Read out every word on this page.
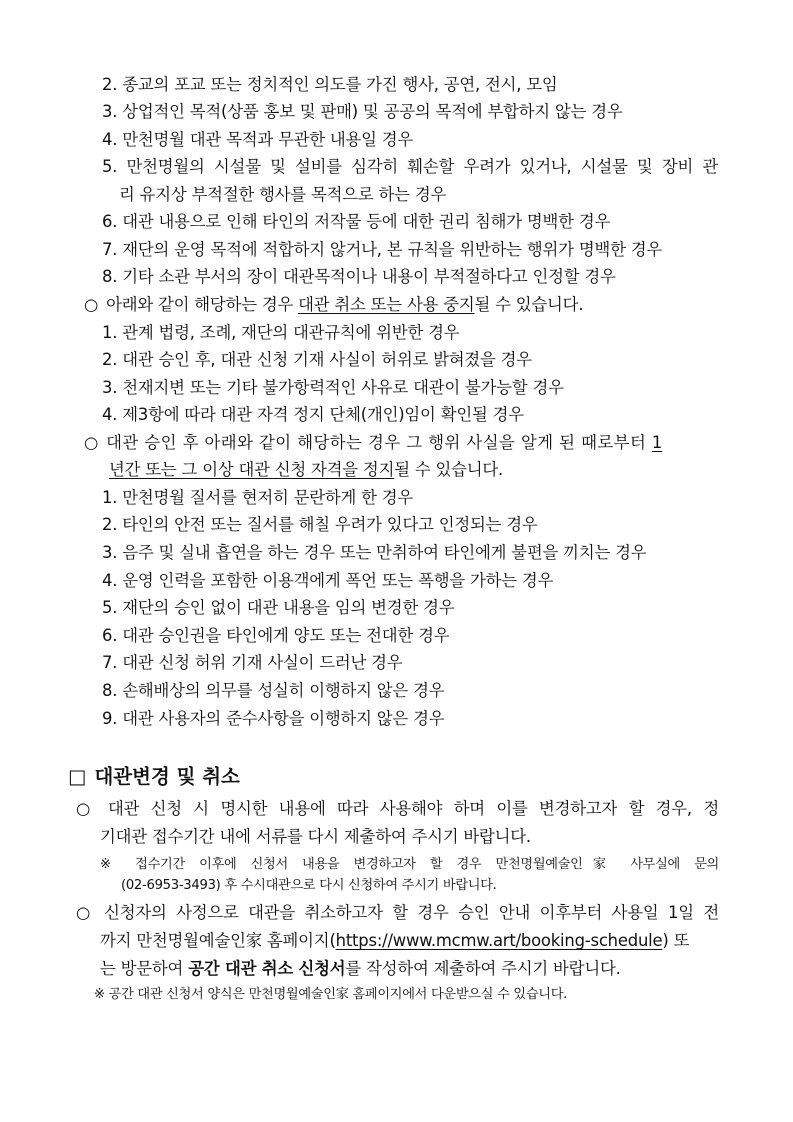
2. 종교의 포교 또는 정치적인 의도를 가진 행사, 공연, 전시, 모임
3. 상업적인 목적(상품 홍보 및 판매) 및 공공의 목적에 부합하지 않는 경우
4. 만천명월 대관 목적과 무관한 내용일 경우
5. 만천명월의 시설물 및 설비를 심각히 훼손할 우려가 있거나, 시설물 및 장비 관
리 유지상 부적절한 행사를 목적으로 하는 경우
6. 대관 내용으로 인해 타인의 저작물 등에 대한 권리 침해가 명백한 경우
7. 재단의 운영 목적에 적합하지 않거나, 본 규칙을 위반하는 행위가 명백한 경우
8. 기타 소관 부서의 장이 대관목적이나 내용이 부적절하다고 인정할 경우
○ 아래와 같이 해당하는 경우 대관 취소 또는 사용 중지될 수 있습니다.
1. 관계 법령, 조례, 재단의 대관규칙에 위반한 경우
2. 대관 승인 후, 대관 신청 기재 사실이 허위로 밝혀졌을 경우
3. 천재지변 또는 기타 불가항력적인 사유로 대관이 불가능할 경우
4. 제3항에 따라 대관 자격 정지 단체(개인)임이 확인될 경우
○ 대관 승인 후 아래와 같이 해당하는 경우 그 행위 사실을 알게 된 때로부터 1
년간 또는 그 이상 대관 신청 자격을 정지될 수 있습니다.
1. 만천명월 질서를 현저히 문란하게 한 경우
2. 타인의 안전 또는 질서를 해칠 우려가 있다고 인정되는 경우
3. 음주 및 실내 흡연을 하는 경우 또는 만취하여 타인에게 불편을 끼치는 경우
4. 운영 인력을 포함한 이용객에게 폭언 또는 폭행을 가하는 경우
5. 재단의 승인 없이 대관 내용을 임의 변경한 경우
6. 대관 승인권을 타인에게 양도 또는 전대한 경우
7. 대관 신청 허위 기재 사실이 드러난 경우
8. 손해배상의 의무를 성실히 이행하지 않은 경우
9. 대관 사용자의 준수사항을 이행하지 않은 경우
□ 대관변경 및 취소
○ 대관 신청 시 명시한 내용에 따라 사용해야 하며 이를 변경하고자 할 경우, 정
기대관 접수기간 내에 서류를 다시 제출하여 주시기 바랍니다.
※ 접수기간 이후에 신청서 내용을 변경하고자 할 경우 만천명월예술인家 사무실에 문의
(02-6953-3493) 후 수시대관으로 다시 신청하여 주시기 바랍니다.
○ 신청자의 사정으로 대관을 취소하고자 할 경우 승인 안내 이후부터 사용일 1일 전
까지 만천명월예술인家 홈페이지(https://www.mcmw.art/booking-schedule) 또
는 방문하여 공간 대관 취소 신청서를 작성하여 제출하여 주시기 바랍니다.
※ 공간 대관 신청서 양식은 만천명월예술인家 홈페이지에서 다운받으실 수 있습니다.
